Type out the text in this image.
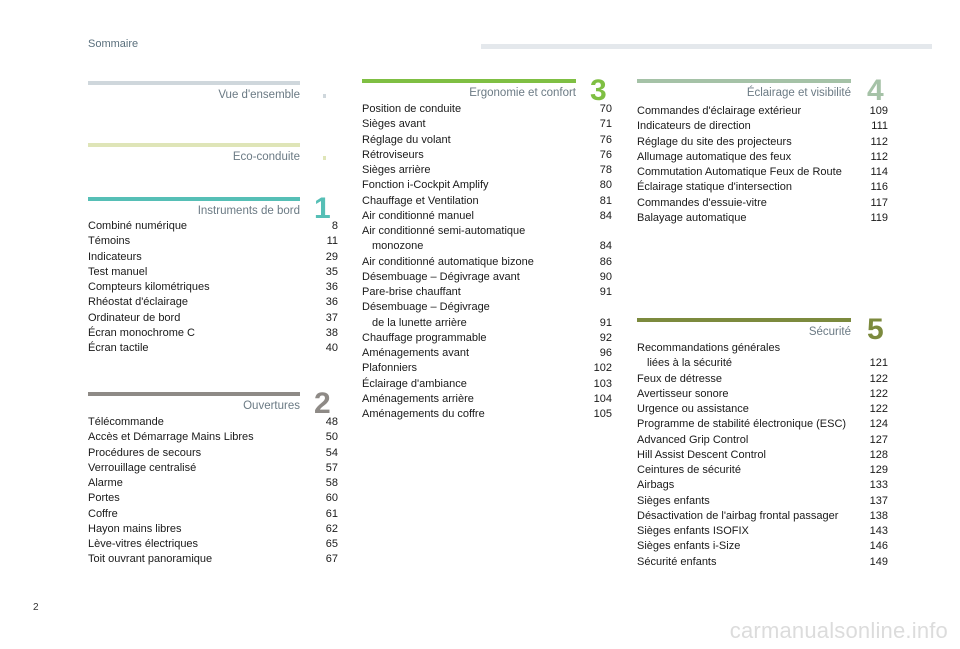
Sommaire
Vue d'ensemble
Eco-conduite
Instruments de bord 1
Combiné numérique	8
Témoins	11
Indicateurs	29
Test manuel	35
Compteurs kilométriques	36
Rhéostat d'éclairage	36
Ordinateur de bord	37
Écran monochrome C	38
Écran tactile	40
Ouvertures 2
Télécommande	48
Accès et Démarrage Mains Libres	50
Procédures de secours	54
Verrouillage centralisé	57
Alarme	58
Portes	60
Coffre	61
Hayon mains libres	62
Lève-vitres électriques	65
Toit ouvrant panoramique	67
Ergonomie et confort 3
Position de conduite	70
Sièges avant	71
Réglage du volant	76
Rétroviseurs	76
Sièges arrière	78
Fonction i-Cockpit Amplify	80
Chauffage et Ventilation	81
Air conditionné manuel	84
Air conditionné semi-automatique
monozone	84
Air conditionné automatique bizone	86
Désembuage – Dégivrage avant	90
Pare-brise chauffant	91
Désembuage – Dégivrage
de la lunette arrière	91
Chauffage programmable	92
Aménagements avant	96
Plafonniers	102
Éclairage d'ambiance	103
Aménagements arrière	104
Aménagements du coffre	105
Éclairage et visibilité 4
Commandes d'éclairage extérieur	109
Indicateurs de direction	111
Réglage du site des projecteurs	112
Allumage automatique des feux	112
Commutation Automatique Feux de Route	114
Éclairage statique d'intersection	116
Commandes d'essuie-vitre	117
Balayage automatique	119
Sécurité 5
Recommandations générales
liées à la sécurité	121
Feux de détresse	122
Avertisseur sonore	122
Urgence ou assistance	122
Programme de stabilité électronique (ESC)	124
Advanced Grip Control	127
Hill Assist Descent Control	128
Ceintures de sécurité	129
Airbags	133
Sièges enfants	137
Désactivation de l'airbag frontal passager	138
Sièges enfants ISOFIX	143
Sièges enfants i-Size	146
Sécurité enfants	149
2
carmanualsonline.info
